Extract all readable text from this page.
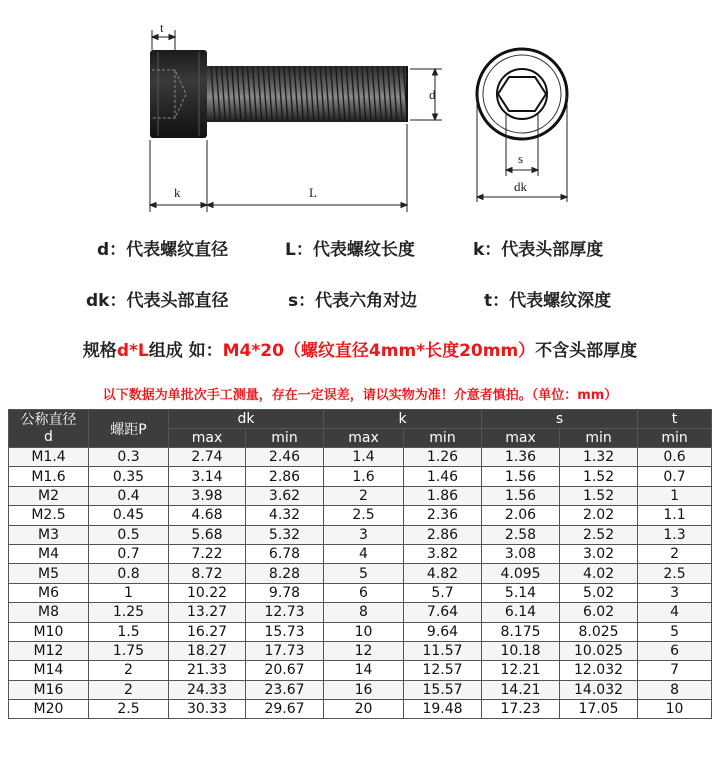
t
d
k	L
s
dk
d：代表螺纹直径	L：代表螺纹长度	k：代表头部厚度
dk：代表头部直径	s：代表六角对边	t：代表螺纹深度
规格d*L组成 如：M4*20（螺纹直径4mm*长度20mm）不含头部厚度
以下数据为单批次手工测量，存在一定误差，请以实物为准！介意者慎拍。（单位：mm）
公称直径
d	螺距P	dk		k		s		t
		max	min	max	min	max	min	min
M1.4	0.3	2.74	2.46	1.4	1.26	1.36	1.32	0.6
M1.6	0.35	3.14	2.86	1.6	1.46	1.56	1.52	0.7
M2	0.4	3.98	3.62	2	1.86	1.56	1.52	1
M2.5	0.45	4.68	4.32	2.5	2.36	2.06	2.02	1.1
M3	0.5	5.68	5.32	3	2.86	2.58	2.52	1.3
M4	0.7	7.22	6.78	4	3.82	3.08	3.02	2
M5	0.8	8.72	8.28	5	4.82	4.095	4.02	2.5
M6	1	10.22	9.78	6	5.7	5.14	5.02	3
M8	1.25	13.27	12.73	8	7.64	6.14	6.02	4
M10	1.5	16.27	15.73	10	9.64	8.175	8.025	5
M12	1.75	18.27	17.73	12	11.57	10.18	10.025	6
M14	2	21.33	20.67	14	12.57	12.21	12.032	7
M16	2	24.33	23.67	16	15.57	14.21	14.032	8
M20	2.5	30.33	29.67	20	19.48	17.23	17.05	10
